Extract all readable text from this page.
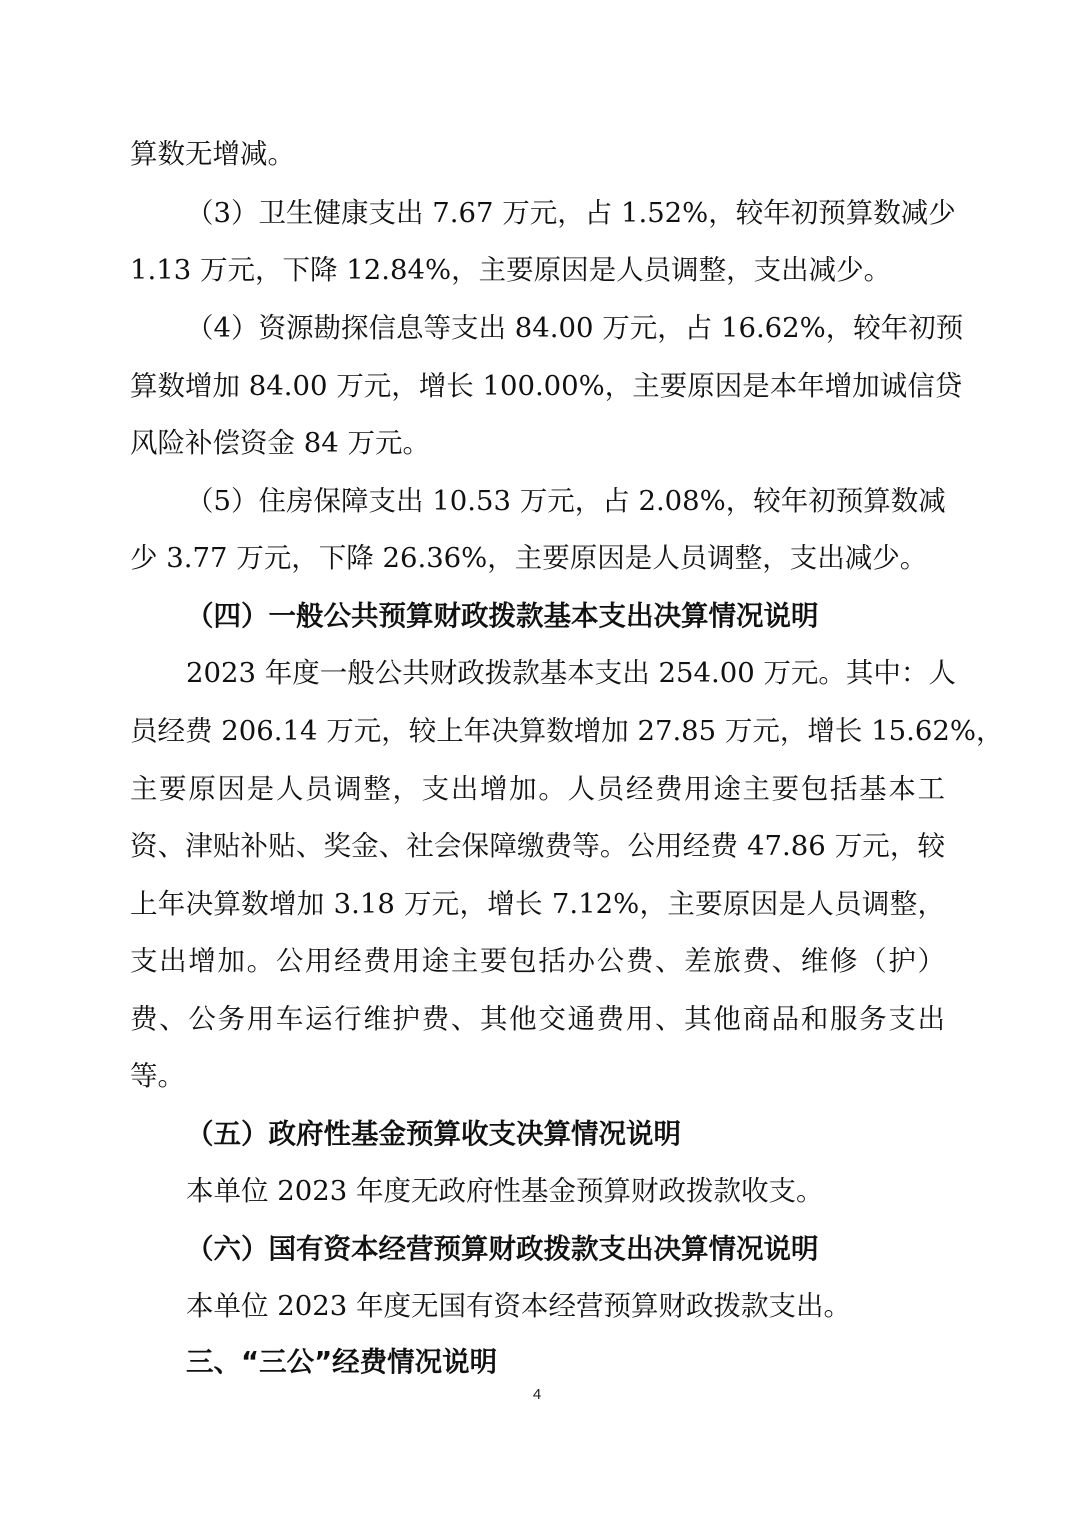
算数无增减。
（3）卫生健康支出 7.67 万元，占 1.52%，较年初预算数减少
1.13 万元，下降 12.84%，主要原因是人员调整，支出减少。
（4）资源勘探信息等支出 84.00 万元，占 16.62%，较年初预
算数增加 84.00 万元，增长 100.00%，主要原因是本年增加诚信贷
风险补偿资金 84 万元。
（5）住房保障支出 10.53 万元，占 2.08%，较年初预算数减
少 3.77 万元，下降 26.36%，主要原因是人员调整，支出减少。
（四）一般公共预算财政拨款基本支出决算情况说明
2023 年度一般公共财政拨款基本支出 254.00 万元。其中：人
员经费 206.14 万元，较上年决算数增加 27.85 万元，增长 15.62%，
主要原因是人员调整，支出增加。人员经费用途主要包括基本工
资、津贴补贴、奖金、社会保障缴费等。公用经费 47.86 万元，较
上年决算数增加 3.18 万元，增长 7.12%，主要原因是人员调整，
支出增加。公用经费用途主要包括办公费、差旅费、维修（护）
费、公务用车运行维护费、其他交通费用、其他商品和服务支出
等。
（五）政府性基金预算收支决算情况说明
本单位 2023 年度无政府性基金预算财政拨款收支。
（六）国有资本经营预算财政拨款支出决算情况说明
本单位 2023 年度无国有资本经营预算财政拨款支出。
三、“三公”经费情况说明
4
